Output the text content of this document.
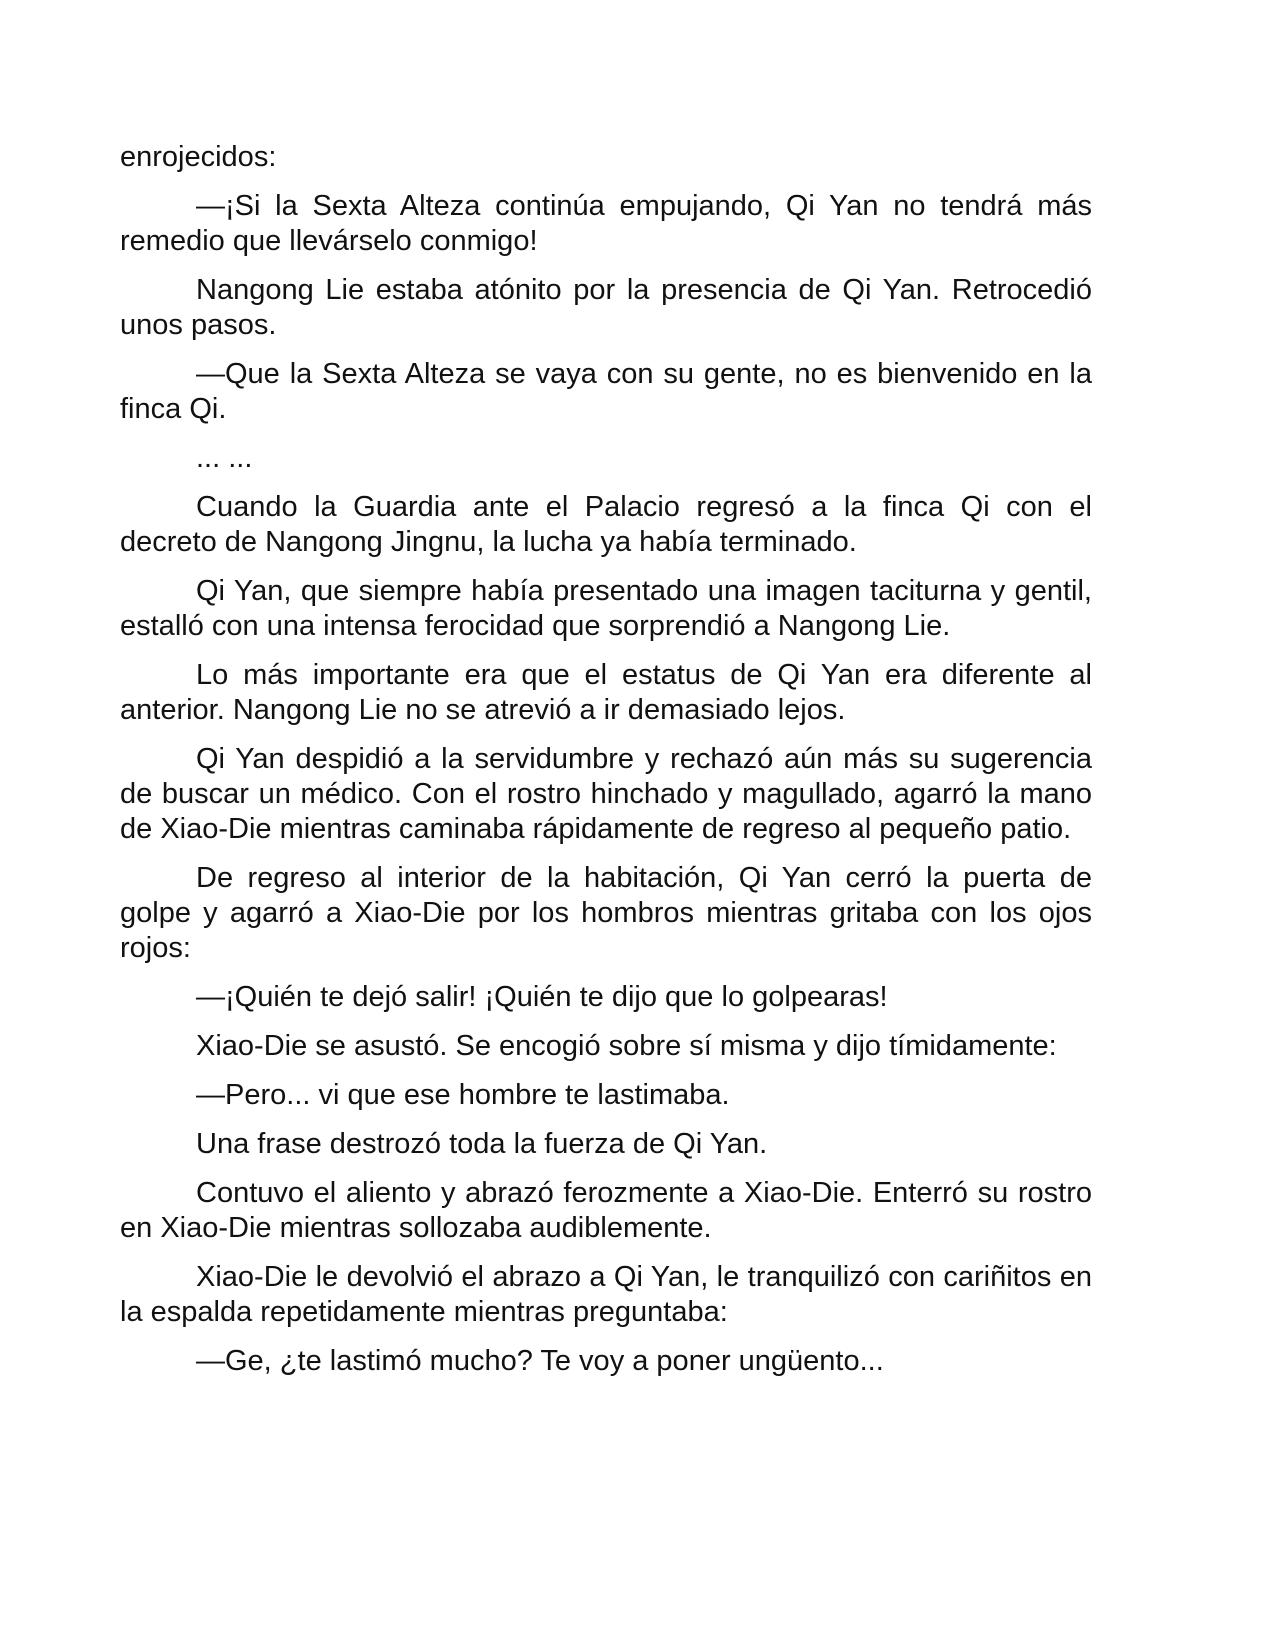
enrojecidos:

—¡Si la Sexta Alteza continúa empujando, Qi Yan no tendrá más remedio que llevárselo conmigo!

Nangong Lie estaba atónito por la presencia de Qi Yan. Retrocedió unos pasos.

—Que la Sexta Alteza se vaya con su gente, no es bienvenido en la finca Qi.

... ...

Cuando la Guardia ante el Palacio regresó a la finca Qi con el decreto de Nangong Jingnu, la lucha ya había terminado.

Qi Yan, que siempre había presentado una imagen taciturna y gentil, estalló con una intensa ferocidad que sorprendió a Nangong Lie.

Lo más importante era que el estatus de Qi Yan era diferente al anterior. Nangong Lie no se atrevió a ir demasiado lejos.

Qi Yan despidió a la servidumbre y rechazó aún más su sugerencia de buscar un médico. Con el rostro hinchado y magullado, agarró la mano de Xiao-Die mientras caminaba rápidamente de regreso al pequeño patio.

De regreso al interior de la habitación, Qi Yan cerró la puerta de golpe y agarró a Xiao-Die por los hombros mientras gritaba con los ojos rojos:

—¡Quién te dejó salir! ¡Quién te dijo que lo golpearas!

Xiao-Die se asustó. Se encogió sobre sí misma y dijo tímidamente:

—Pero... vi que ese hombre te lastimaba.

Una frase destrozó toda la fuerza de Qi Yan.

Contuvo el aliento y abrazó ferozmente a Xiao-Die. Enterró su rostro en Xiao-Die mientras sollozaba audiblemente.

Xiao-Die le devolvió el abrazo a Qi Yan, le tranquilizó con cariñitos en la espalda repetidamente mientras preguntaba:

—Ge, ¿te lastimó mucho? Te voy a poner ungüento...
